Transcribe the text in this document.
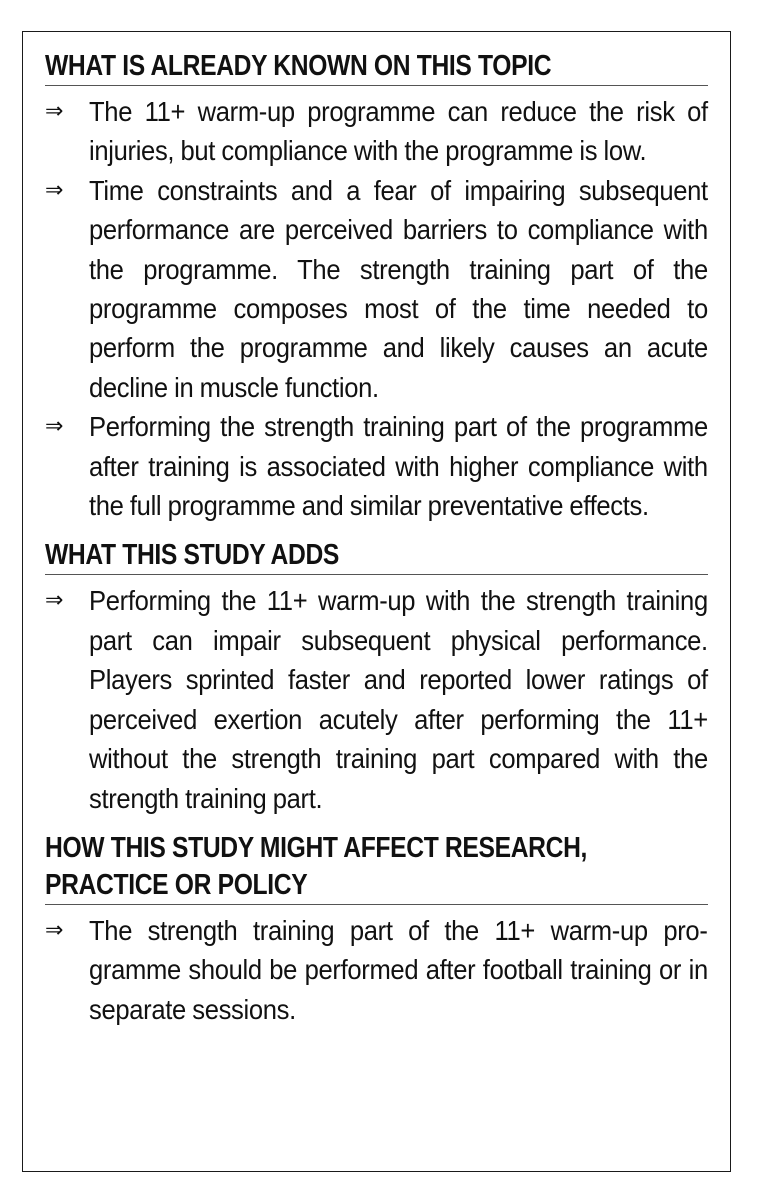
WHAT IS ALREADY KNOWN ON THIS TOPIC
⇒ The 11+ warm-up programme can reduce the risk of injuries, but compliance with the programme is low.
⇒ Time constraints and a fear of impairing subsequent performance are perceived barriers to compliance with the programme. The strength training part of the programme composes most of the time needed to perform the programme and likely causes an acute decline in muscle function.
⇒ Performing the strength training part of the programme after training is associated with higher compliance with the full programme and similar preventative effects.
WHAT THIS STUDY ADDS
⇒ Performing the 11+ warm-up with the strength training part can impair subsequent physical performance. Players sprinted faster and reported lower ratings of perceived exertion acutely after performing the 11+ without the strength training part compared with the strength training part.
HOW THIS STUDY MIGHT AFFECT RESEARCH,
PRACTICE OR POLICY
⇒ The strength training part of the 11+ warm-up programme should be performed after football training or in separate sessions.
